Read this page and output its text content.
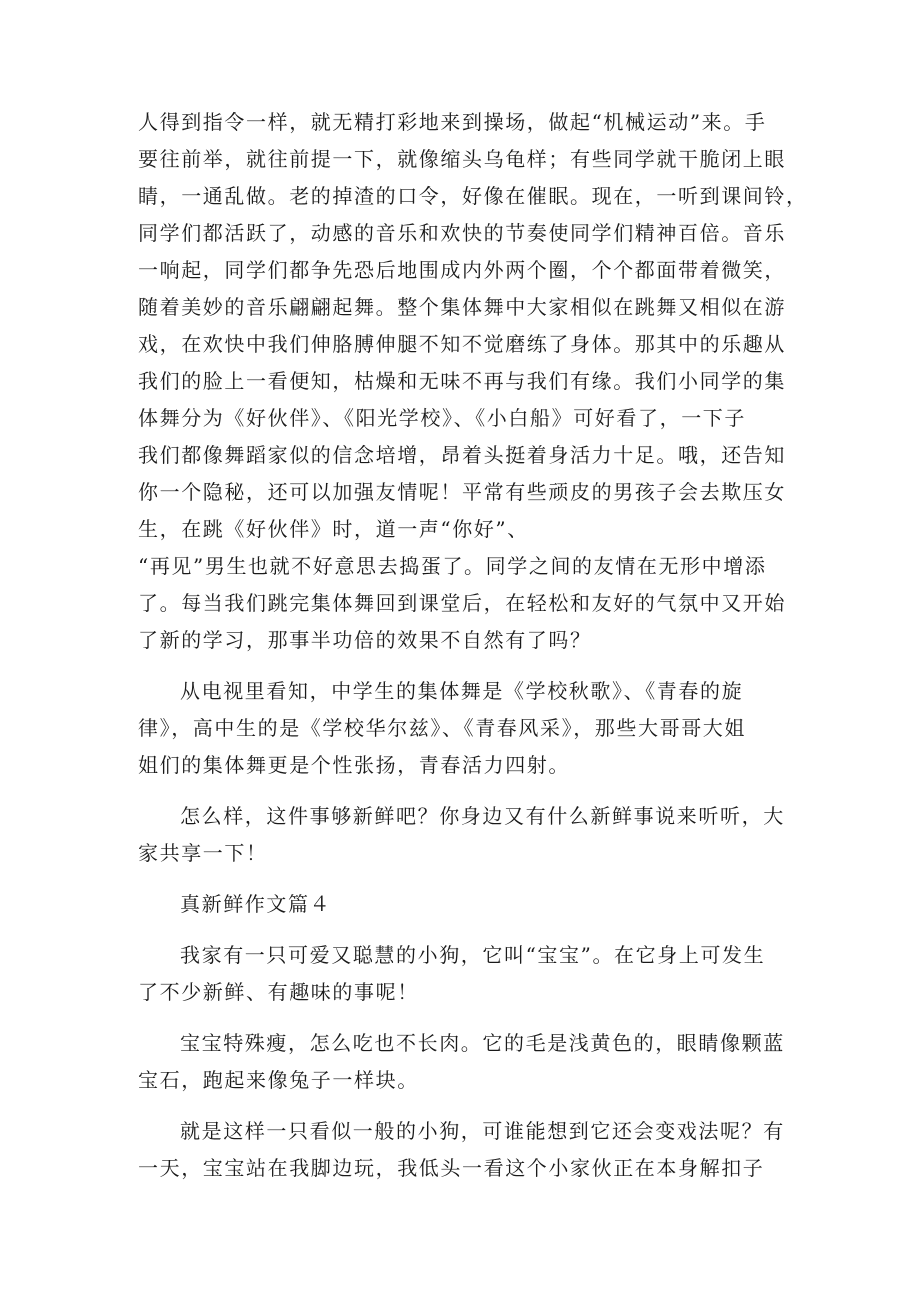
人得到指令一样，就无精打彩地来到操场，做起“机械运动”来。手
要往前举，就往前提一下，就像缩头乌龟样；有些同学就干脆闭上眼
睛，一通乱做。老的掉渣的口令，好像在催眠。现在，一听到课间铃，
同学们都活跃了，动感的音乐和欢快的节奏使同学们精神百倍。音乐
一响起，同学们都争先恐后地围成内外两个圈，个个都面带着微笑，
随着美妙的音乐翩翩起舞。整个集体舞中大家相似在跳舞又相似在游
戏，在欢快中我们伸胳膊伸腿不知不觉磨练了身体。那其中的乐趣从
我们的脸上一看便知，枯燥和无味不再与我们有缘。我们小同学的集
体舞分为《好伙伴》、《阳光学校》、《小白船》可好看了，一下子
我们都像舞蹈家似的信念培增，昂着头挺着身活力十足。哦，还告知
你一个隐秘，还可以加强友情呢！平常有些顽皮的男孩子会去欺压女
生，在跳《好伙伴》时，道一声“你好”、
“再见”男生也就不好意思去捣蛋了。同学之间的友情在无形中增添
了。每当我们跳完集体舞回到课堂后，在轻松和友好的气氛中又开始
了新的学习，那事半功倍的效果不自然有了吗？
从电视里看知，中学生的集体舞是《学校秋歌》、《青春的旋
律》，高中生的是《学校华尔兹》、《青春风采》，那些大哥哥大姐
姐们的集体舞更是个性张扬，青春活力四射。
怎么样，这件事够新鲜吧？你身边又有什么新鲜事说来听听，大
家共享一下！
真新鲜作文篇４
我家有一只可爱又聪慧的小狗，它叫“宝宝”。在它身上可发生
了不少新鲜、有趣味的事呢！
宝宝特殊瘦，怎么吃也不长肉。它的毛是浅黄色的，眼睛像颗蓝
宝石，跑起来像兔子一样块。
就是这样一只看似一般的小狗，可谁能想到它还会变戏法呢？有
一天，宝宝站在我脚边玩，我低头一看这个小家伙正在本身解扣子
